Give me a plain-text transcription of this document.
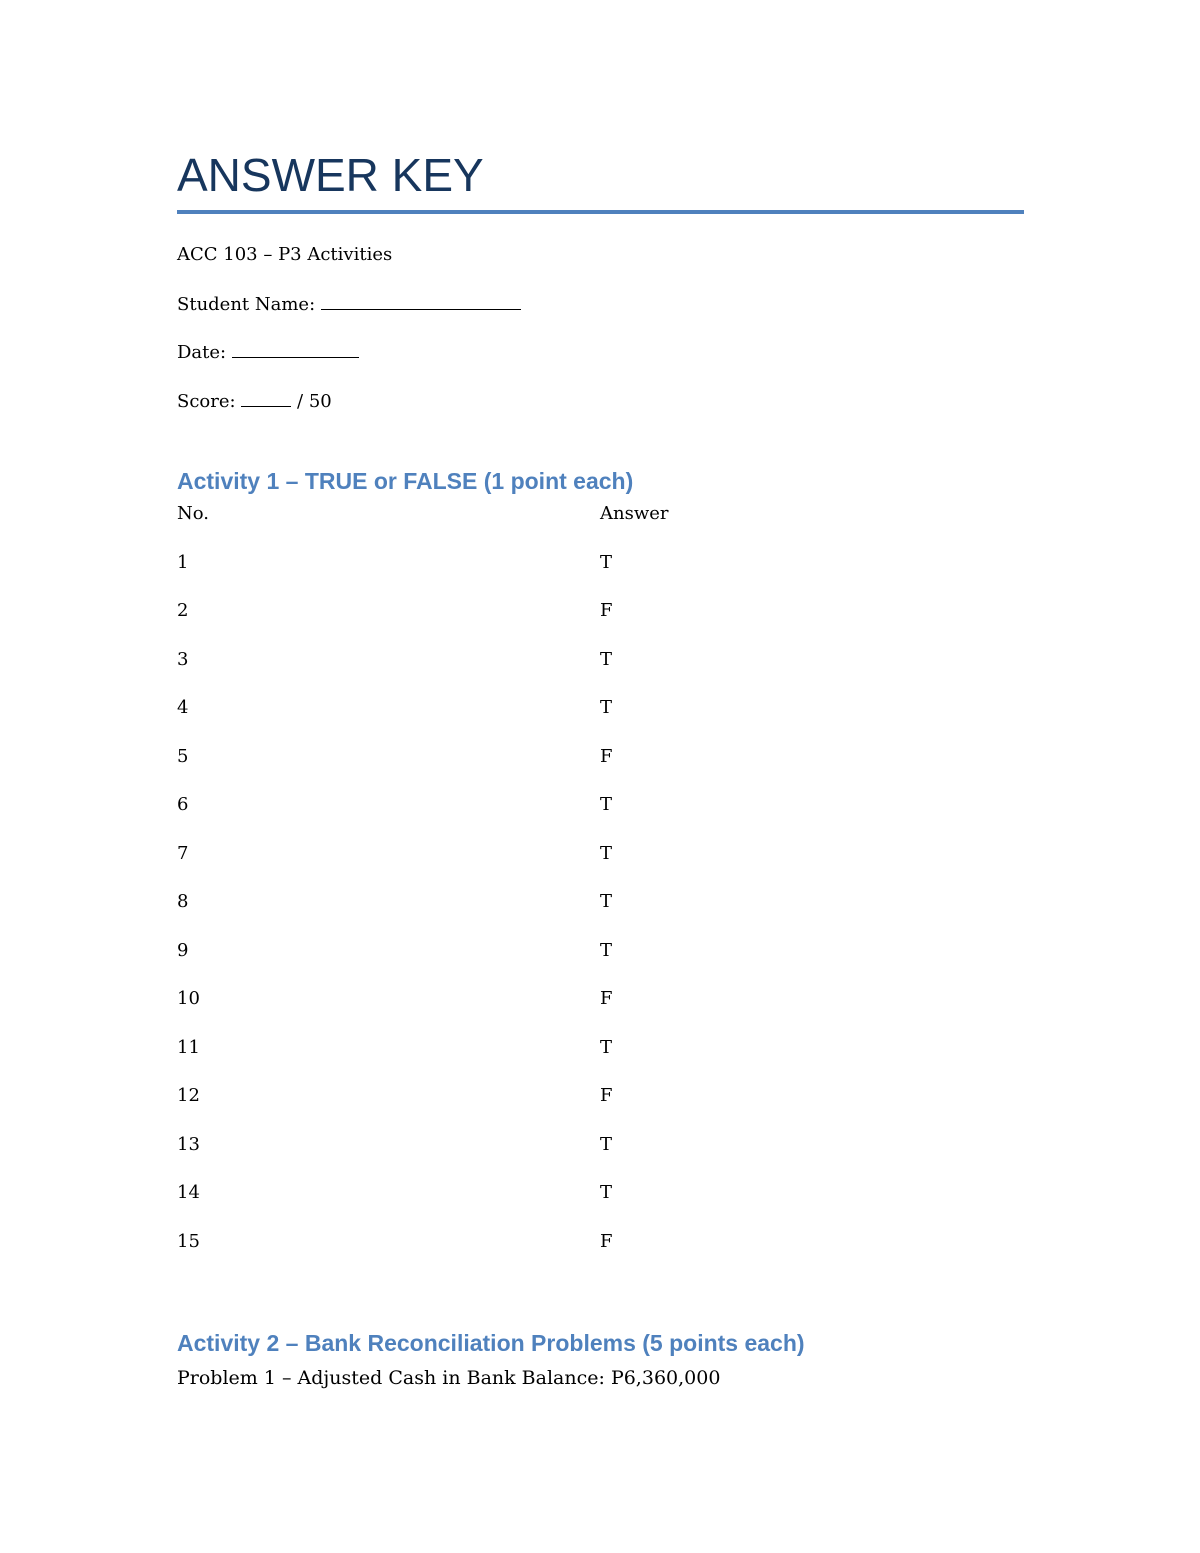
ANSWER KEY
ACC 103 – P3 Activities
Student Name:
Date:
Score:	/ 50
Activity 1 – TRUE or FALSE (1 point each)
No.	Answer
1	T
2	F
3	T
4	T
5	F
6	T
7	T
8	T
9	T
10	F
11	T
12	F
13	T
14	T
15	F
Activity 2 – Bank Reconciliation Problems (5 points each)
Problem 1 – Adjusted Cash in Bank Balance: P6,360,000
